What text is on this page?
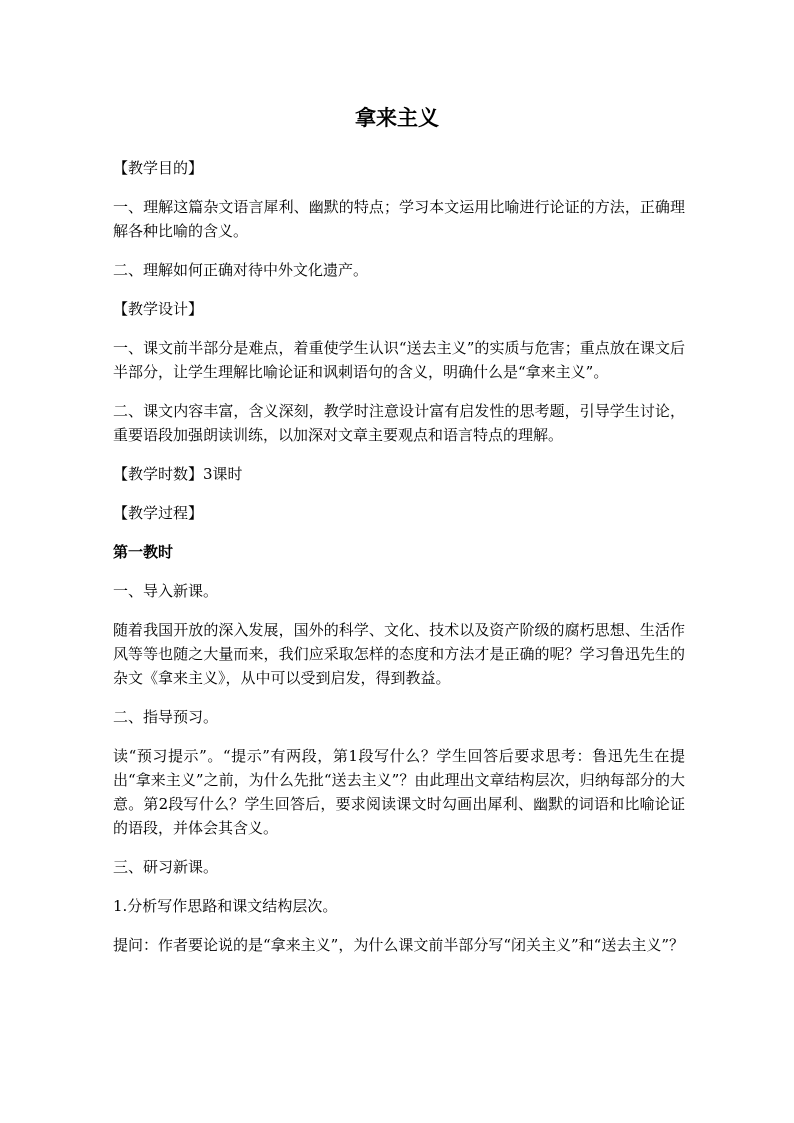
拿来主义

【教学目的】

一、理解这篇杂文语言犀利、幽默的特点；学习本文运用比喻进行论证的方法，正确理解各种比喻的含义。

二、理解如何正确对待中外文化遗产。

【教学设计】

一、课文前半部分是难点，着重使学生认识“送去主义”的实质与危害；重点放在课文后半部分，让学生理解比喻论证和讽刺语句的含义，明确什么是“拿来主义”。

二、课文内容丰富，含义深刻，教学时注意设计富有启发性的思考题，引导学生讨论，重要语段加强朗读训练，以加深对文章主要观点和语言特点的理解。

【教学时数】3课时

【教学过程】

第一教时

一、导入新课。

随着我国开放的深入发展，国外的科学、文化、技术以及资产阶级的腐朽思想、生活作风等等也随之大量而来，我们应采取怎样的态度和方法才是正确的呢？学习鲁迅先生的杂文《拿来主义》，从中可以受到启发，得到教益。

二、指导预习。

读“预习提示”。“提示”有两段，第1段写什么？学生回答后要求思考：鲁迅先生在提出“拿来主义”之前，为什么先批“送去主义”？由此理出文章结构层次，归纳每部分的大意。第2段写什么？学生回答后，要求阅读课文时勾画出犀利、幽默的词语和比喻论证的语段，并体会其含义。

三、研习新课。

1.分析写作思路和课文结构层次。

提问：作者要论说的是“拿来主义”，为什么课文前半部分写“闭关主义”和“送去主义”？
